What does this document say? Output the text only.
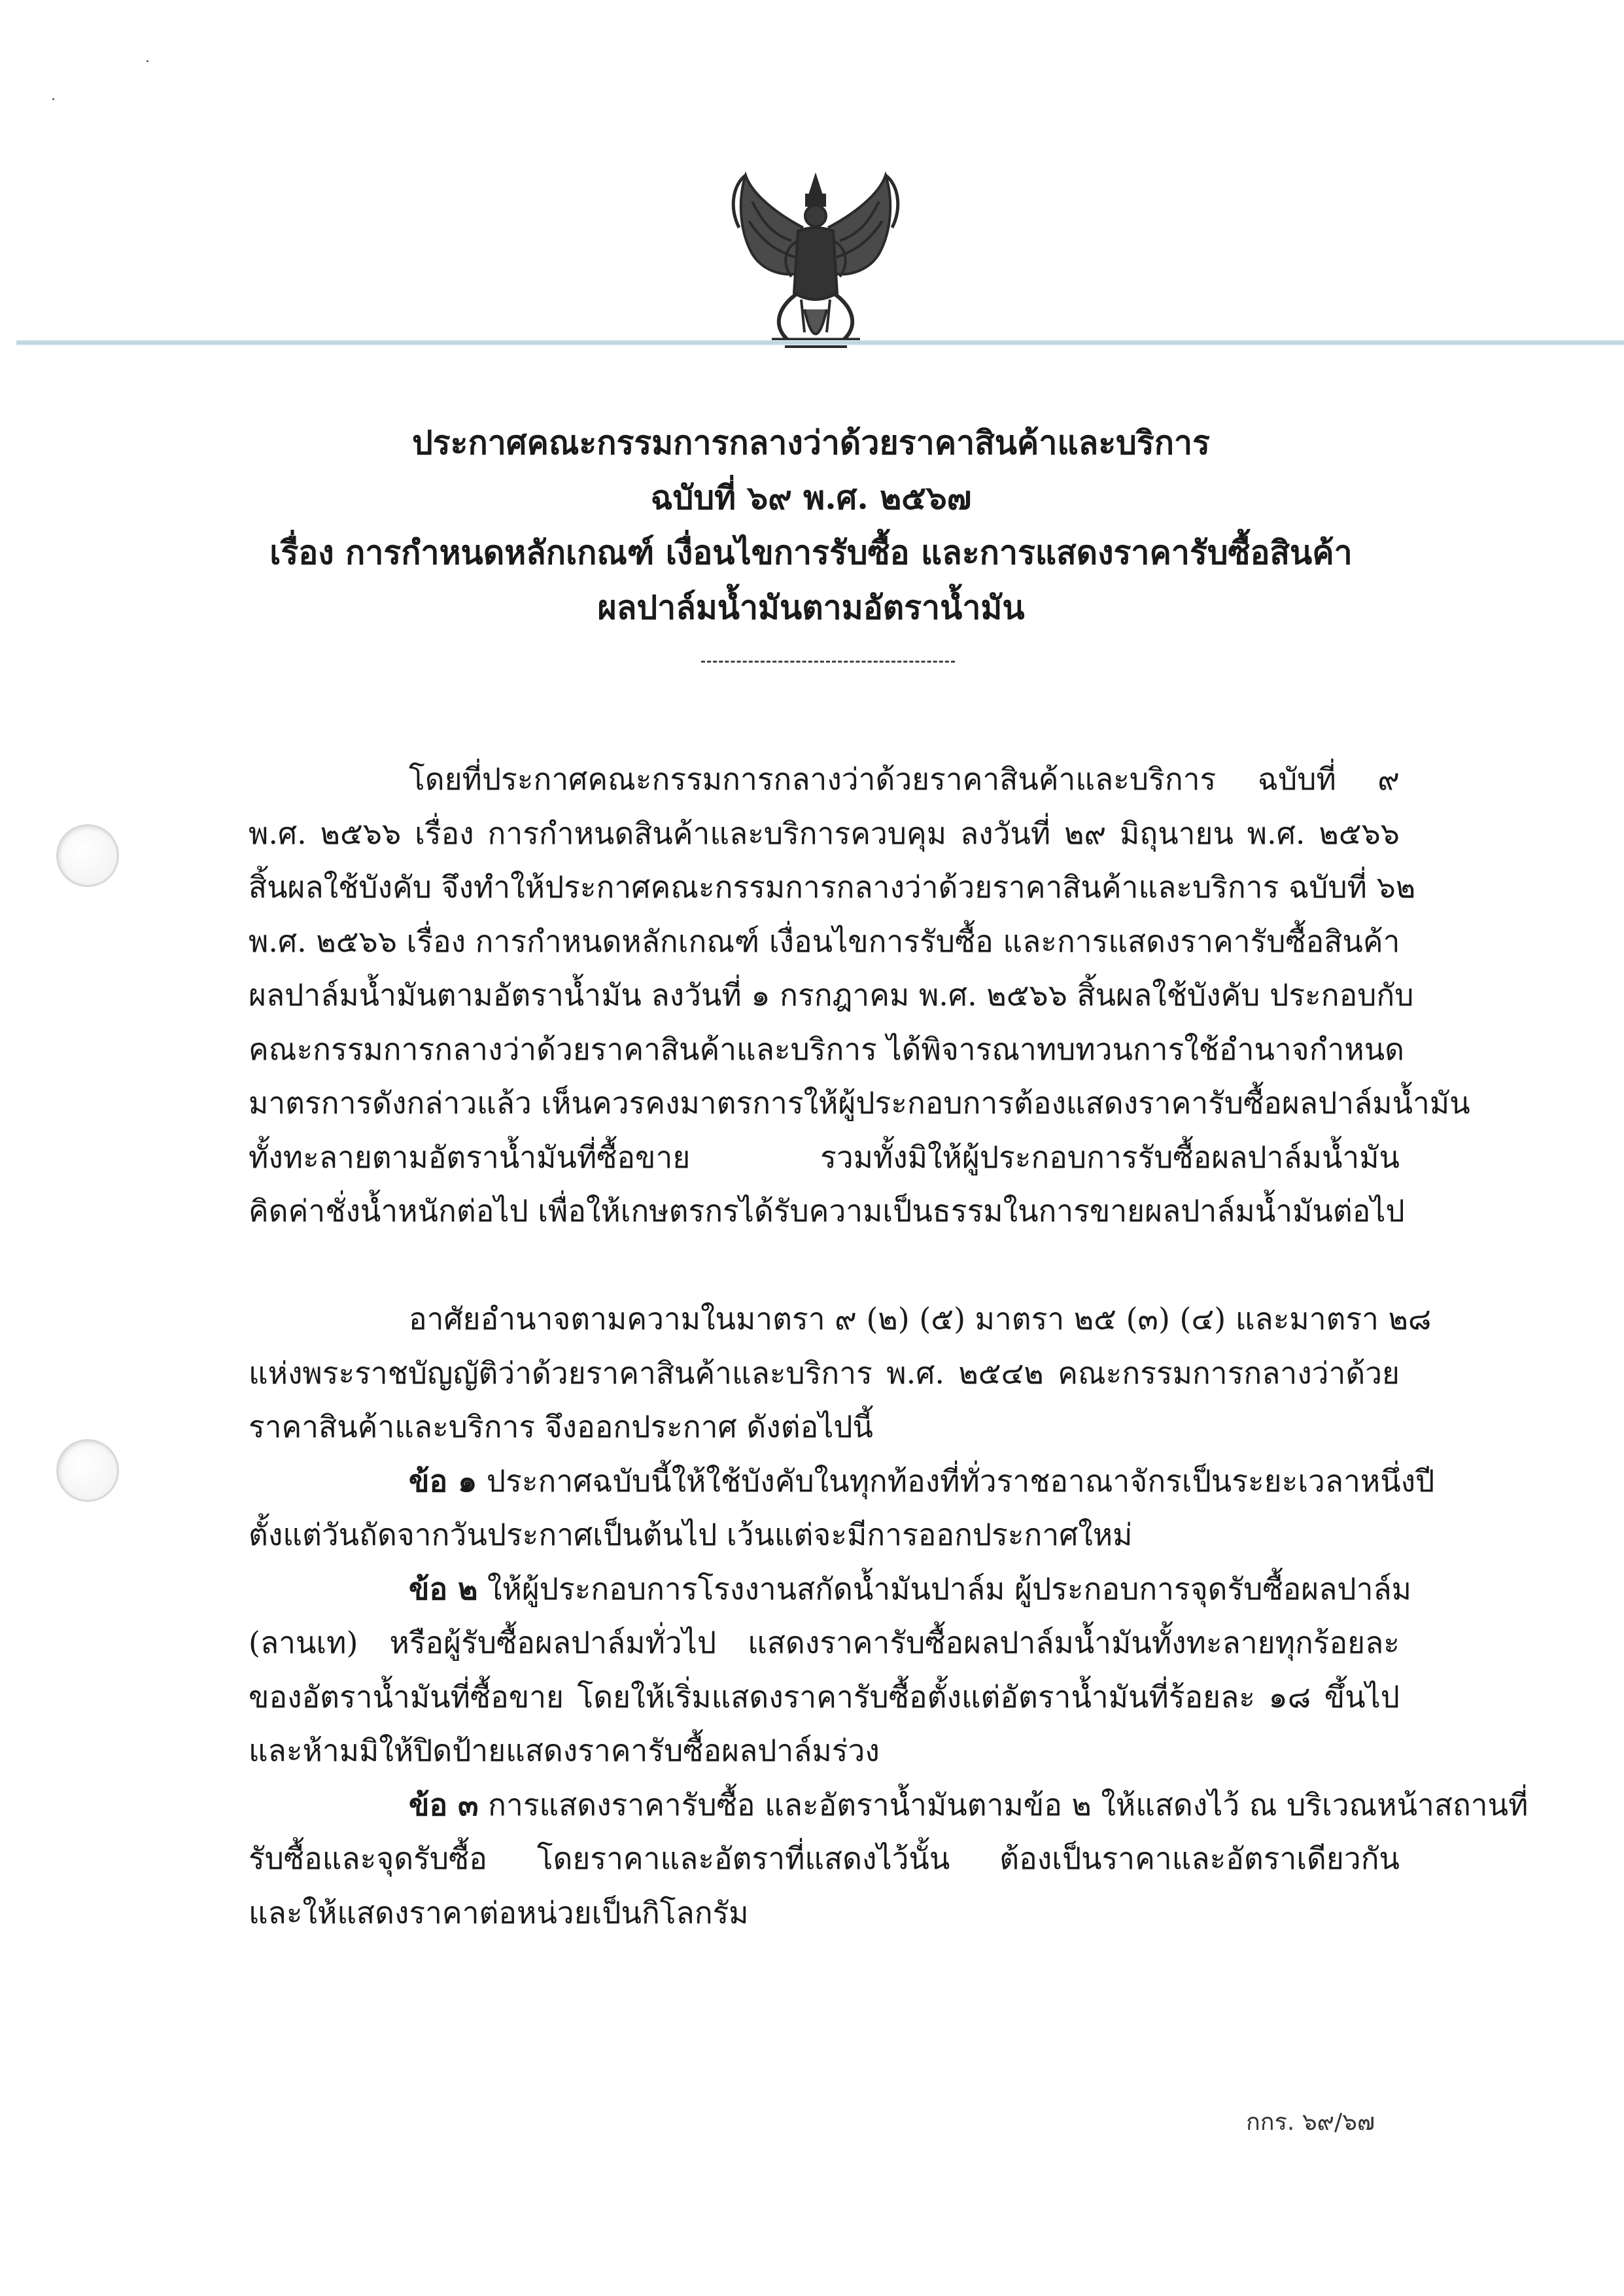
ประกาศคณะกรรมการกลางว่าด้วยราคาสินค้าและบริการ
ฉบับที่ ๖๙ พ.ศ. ๒๕๖๗
เรื่อง การกำหนดหลักเกณฑ์ เงื่อนไขการรับซื้อ และการแสดงราคารับซื้อสินค้า
ผลปาล์มน้ำมันตามอัตราน้ำมัน
โดยที่ประกาศคณะกรรมการกลางว่าด้วยราคาสินค้าและบริการ ฉบับที่ ๙
พ.ศ. ๒๕๖๖ เรื่อง การกำหนดสินค้าและบริการควบคุม ลงวันที่ ๒๙ มิถุนายน พ.ศ. ๒๕๖๖
สิ้นผลใช้บังคับ จึงทำให้ประกาศคณะกรรมการกลางว่าด้วยราคาสินค้าและบริการ ฉบับที่ ๖๒
พ.ศ. ๒๕๖๖ เรื่อง การกำหนดหลักเกณฑ์ เงื่อนไขการรับซื้อ และการแสดงราคารับซื้อสินค้า
ผลปาล์มน้ำมันตามอัตราน้ำมัน ลงวันที่ ๑ กรกฎาคม พ.ศ. ๒๕๖๖ สิ้นผลใช้บังคับ ประกอบกับ
คณะกรรมการกลางว่าด้วยราคาสินค้าและบริการ ได้พิจารณาทบทวนการใช้อำนาจกำหนด
มาตรการดังกล่าวแล้ว เห็นควรคงมาตรการให้ผู้ประกอบการต้องแสดงราคารับซื้อผลปาล์มน้ำมัน
ทั้งทะลายตามอัตราน้ำมันที่ซื้อขาย รวมทั้งมิให้ผู้ประกอบการรับซื้อผลปาล์มน้ำมัน
คิดค่าชั่งน้ำหนักต่อไป เพื่อให้เกษตรกรได้รับความเป็นธรรมในการขายผลปาล์มน้ำมันต่อไป
อาศัยอำนาจตามความในมาตรา ๙ (๒) (๕) มาตรา ๒๕ (๓) (๔) และมาตรา ๒๘
แห่งพระราชบัญญัติว่าด้วยราคาสินค้าและบริการ พ.ศ. ๒๕๔๒ คณะกรรมการกลางว่าด้วย
ราคาสินค้าและบริการ จึงออกประกาศ ดังต่อไปนี้
ข้อ ๑ ประกาศฉบับนี้ให้ใช้บังคับในทุกท้องที่ทั่วราชอาณาจักรเป็นระยะเวลาหนึ่งปี
ตั้งแต่วันถัดจากวันประกาศเป็นต้นไป เว้นแต่จะมีการออกประกาศใหม่
ข้อ ๒ ให้ผู้ประกอบการโรงงานสกัดน้ำมันปาล์ม ผู้ประกอบการจุดรับซื้อผลปาล์ม
(ลานเท) หรือผู้รับซื้อผลปาล์มทั่วไป แสดงราคารับซื้อผลปาล์มน้ำมันทั้งทะลายทุกร้อยละ
ของอัตราน้ำมันที่ซื้อขาย โดยให้เริ่มแสดงราคารับซื้อตั้งแต่อัตราน้ำมันที่ร้อยละ ๑๘ ขึ้นไป
และห้ามมิให้ปิดป้ายแสดงราคารับซื้อผลปาล์มร่วง
ข้อ ๓ การแสดงราคารับซื้อ และอัตราน้ำมันตามข้อ ๒ ให้แสดงไว้ ณ บริเวณหน้าสถานที่
รับซื้อและจุดรับซื้อ โดยราคาและอัตราที่แสดงไว้นั้น ต้องเป็นราคาและอัตราเดียวกัน
และให้แสดงราคาต่อหน่วยเป็นกิโลกรัม
กกร. ๖๙/๖๗
